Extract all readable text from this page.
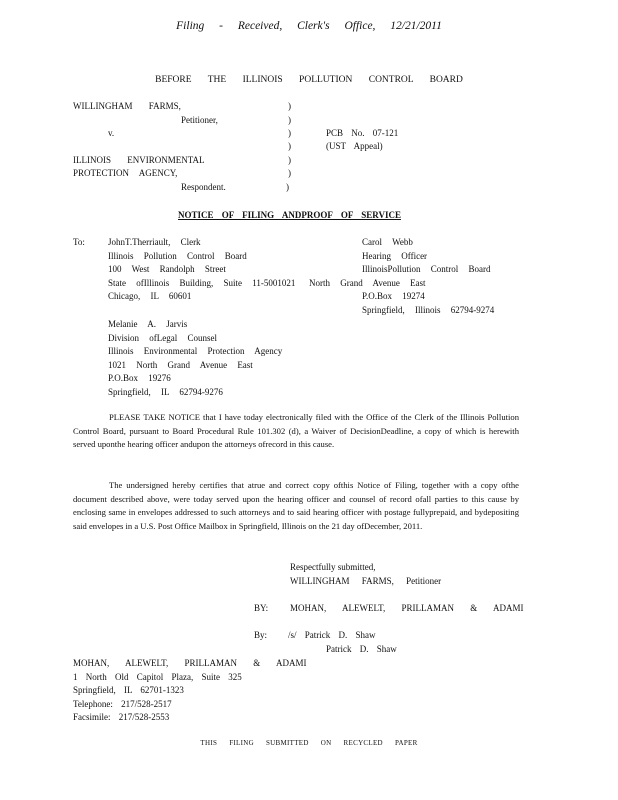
Filing - Received, Clerk's Office, 12/21/2011
BEFORE THE ILLINOIS POLLUTION CONTROL BOARD
WILLINGHAM FARMS,
Petitioner,
v.
ILLINOIS ENVIRONMENTAL
PROTECTION AGENCY,
Respondent.
)
)
)
)
)
)
)
PCB No. 07-121
(UST Appeal)
NOTICE OF FILING ANDPROOF OF SERVICE
To:	JohnT.Therriault, Clerk
Illinois Pollution Control Board
100 West Randolph Street
State ofIllinois Building, Suite 11-5001021
Chicago, IL 60601
Carol Webb
Hearing Officer
IllinoisPollution Control Board
North Grand Avenue East
P.O.Box 19274
Springfield, Illinois 62794-9274
Melanie A. Jarvis
Division ofLegal Counsel
Illinois Environmental Protection Agency
1021 North Grand Avenue East
P.O.Box 19276
Springfield, IL 62794-9276
PLEASE TAKE NOTICE that I have today electronically filed with the Office of the Clerk of the Illinois Pollution Control Board, pursuant to Board Procedural Rule 101.302 (d), a Waiver of DecisionDeadline, a copy of which is herewith served uponthe hearing officer andupon the attorneys ofrecord in this cause.
The undersigned hereby certifies that atrue and correct copy ofthis Notice of Filing, together with a copy ofthe document described above, were today served upon the hearing officer and counsel of record ofall parties to this cause by enclosing same in envelopes addressed to such attorneys and to said hearing officer with postage fullyprepaid, and bydepositing said envelopes in a U.S. Post Office Mailbox in Springfield, Illinois on the 21 day ofDecember, 2011.
Respectfully submitted,
WILLINGHAM FARMS, Petitioner
BY: MOHAN, ALEWELT, PRILLAMAN & ADAMI
By: /s/ Patrick D. Shaw
Patrick D. Shaw
MOHAN, ALEWELT, PRILLAMAN & ADAMI
1 North Old Capitol Plaza, Suite 325
Springfield, IL 62701-1323
Telephone: 217/528-2517
Facsimile: 217/528-2553
THIS FILING SUBMITTED ON RECYCLED PAPER
